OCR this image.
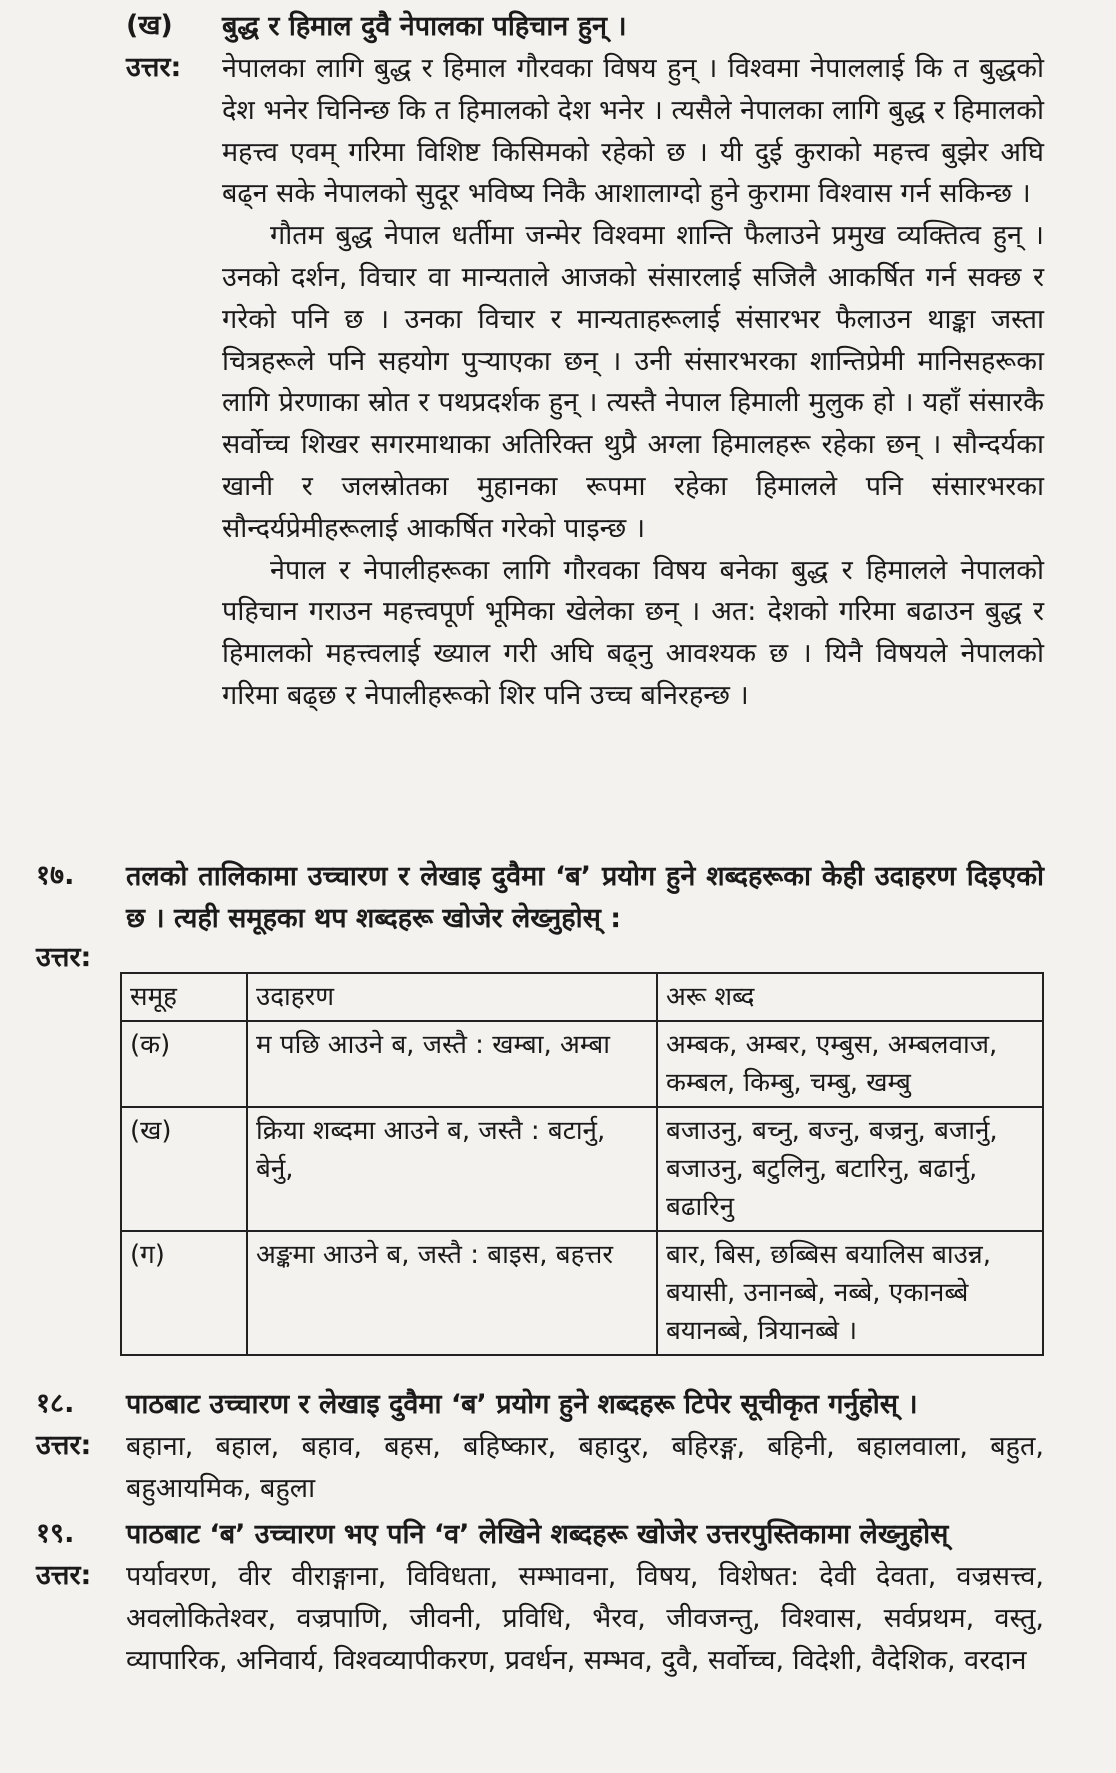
(ख) बुद्ध र हिमाल दुवै नेपालका पहिचान हुन् ।
उत्तर: नेपालका लागि बुद्ध र हिमाल गौरवका विषय हुन् । विश्वमा नेपाललाई कि त बुद्धको देश भनेर चिनिन्छ कि त हिमालको देश भनेर । त्यसैले नेपालका लागि बुद्ध र हिमालको महत्त्व एवम् गरिमा विशिष्ट किसिमको रहेको छ । यी दुई कुराको महत्त्व बुझेर अघि बढ्न सके नेपालको सुदूर भविष्य निकै आशालाग्दो हुने कुरामा विश्वास गर्न सकिन्छ ।

गौतम बुद्ध नेपाल धर्तीमा जन्मेर विश्वमा शान्ति फैलाउने प्रमुख व्यक्तित्व हुन् । उनको दर्शन, विचार वा मान्यताले आजको संसारलाई सजिलै आकर्षित गर्न सक्छ र गरेको पनि छ । उनका विचार र मान्यताहरूलाई संसारभर फैलाउन थाङ्का जस्ता चित्रहरूले पनि सहयोग पुऱ्याएका छन् । उनी संसारभरका शान्तिप्रेमी मानिसहरूका लागि प्रेरणाका स्रोत र पथप्रदर्शक हुन् । त्यस्तै नेपाल हिमाली मुलुक हो । यहाँ संसारकै सर्वोच्च शिखर सगरमाथाका अतिरिक्त थुप्रै अग्ला हिमालहरू रहेका छन् । सौन्दर्यका खानी र जलस्रोतका मुहानका रूपमा रहेका हिमालले पनि संसारभरका सौन्दर्यप्रेमीहरूलाई आकर्षित गरेको पाइन्छ ।

नेपाल र नेपालीहरूका लागि गौरवका विषय बनेका बुद्ध र हिमालले नेपालको पहिचान गराउन महत्त्वपूर्ण भूमिका खेलेका छन् । अत: देशको गरिमा बढाउन बुद्ध र हिमालको महत्त्वलाई ख्याल गरी अघि बढ्नु आवश्यक छ । यिनै विषयले नेपालको गरिमा बढ्छ र नेपालीहरूको शिर पनि उच्च बनिरहन्छ ।

१७. तलको तालिकामा उच्चारण र लेखाइ दुवैमा ‘ब’ प्रयोग हुने शब्दहरूका केही उदाहरण दिइएको छ । त्यही समूहका थप शब्दहरू खोजेर लेख्नुहोस् :
उत्तर:
समूह	उदाहरण	अरू शब्द
(क)	म पछि आउने ब, जस्तै : खम्बा, अम्बा	अम्बक, अम्बर, एम्बुस, अम्बलवाज, कम्बल, किम्बु, चम्बु, खम्बु
(ख)	क्रिया शब्दमा आउने ब, जस्तै : बटार्नु, बेर्नु,	बजाउनु, बच्नु, बज्नु, बज्रनु, बजार्नु, बजाउनु, बटुलिनु, बटारिनु, बढार्नु, बढारिनु
(ग)	अङ्कमा आउने ब, जस्तै : बाइस, बहत्तर	बार, बिस, छब्बिस बयालिस बाउन्न, बयासी, उनानब्बे, नब्बे, एकानब्बे बयानब्बे, त्रियानब्बे ।
१८. पाठबाट उच्चारण र लेखाइ दुवैमा ‘ब’ प्रयोग हुने शब्दहरू टिपेर सूचीकृत गर्नुहोस् ।
उत्तर: बहाना, बहाल, बहाव, बहस, बहिष्कार, बहादुर, बहिरङ्ग, बहिनी, बहालवाला, बहुत, बहुआयमिक, बहुला
१९. पाठबाट ‘ब’ उच्चारण भए पनि ‘व’ लेखिने शब्दहरू खोजेर उत्तरपुस्तिकामा लेख्नुहोस्
उत्तर: पर्यावरण, वीर वीराङ्गाना, विविधता, सम्भावना, विषय, विशेषत: देवी देवता, वज्रसत्त्व, अवलोकितेश्वर, वज्रपाणि, जीवनी, प्रविधि, भैरव, जीवजन्तु, विश्वास, सर्वप्रथम, वस्तु, व्यापारिक, अनिवार्य, विश्वव्यापीकरण, प्रवर्धन, सम्भव, दुवै, सर्वोच्च, विदेशी, वैदेशिक, वरदान
